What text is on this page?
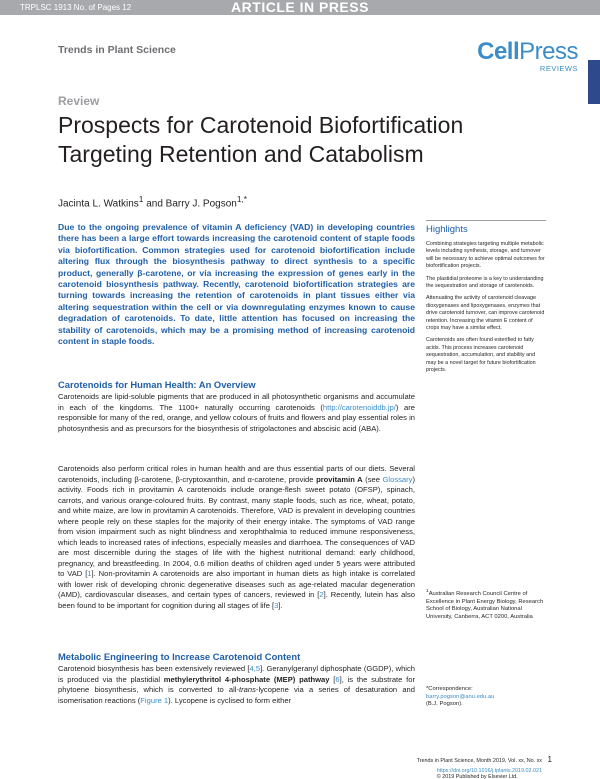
TRPLSC 1913 No. of Pages 12	ARTICLE IN PRESS
Trends in Plant Science	CellPress
REVIEWS
Review
Prospects for Carotenoid Biofortification
Targeting Retention and Catabolism
Jacinta L. Watkins$^1$ and Barry J. Pogson$^{1,*}$

Due to the ongoing prevalence of vitamin A deficiency (VAD) in developing countries there has been a large effort towards increasing the carotenoid content of staple foods via biofortification. Common strategies used for carotenoid biofortification include altering flux through the biosynthesis pathway to direct synthesis to a specific product, generally β-carotene, or via increasing the expression of genes early in the carotenoid biosynthesis pathway. Recently, carotenoid biofortification strategies are turning towards increasing the retention of carotenoids in plant tissues either via altering sequestration within the cell or via downregulating enzymes known to cause degradation of carotenoids. To date, little attention has focused on increasing the stability of carotenoids, which may be a promising method of increasing carotenoid content in staple foods.

Highlights

Combining strategies targeting multiple metabolic levels including synthesis, storage, and turnover will be necessary to achieve optimal outcomes for biofortification projects.

The plastidial proteome is a key to understanding the sequestration and storage of carotenoids.

Attenuating the activity of carotenoid cleavage dioxygenases and lipoxygenases, enzymes that drive carotenoid turnover, can improve carotenoid retention. Increasing the vitamin E content of crops may have a similar effect.

Carotenoids are often found esterified to fatty acids. This process increases carotenoid sequestration, accumulation, and stability and may be a novel target for future biofortification projects.

Carotenoids for Human Health: An Overview

Carotenoids are lipid-soluble pigments that are produced in all photosynthetic organisms and accumulate in each of the kingdoms. The 1100+ naturally occurring carotenoids (http://carotenoiddb.jp/) are responsible for many of the red, orange, and yellow colours of fruits and flowers and play essential roles in photosynthesis and as precursors for the biosynthesis of strigolactones and abscisic acid (ABA).

Carotenoids also perform critical roles in human health and are thus essential parts of our diets. Several carotenoids, including β-carotene, β-cryptoxanthin, and α-carotene, provide provitamin A (see Glossary) activity. Foods rich in provitamin A carotenoids include orange-flesh sweet potato (OFSP), spinach, carrots, and various orange-coloured fruits. By contrast, many staple foods, such as rice, wheat, potato, and white maize, are low in provitamin A carotenoids. Therefore, VAD is prevalent in developing countries where people rely on these staples for the majority of their energy intake. The symptoms of VAD range from vision impairment such as night blindness and xerophthalmia to reduced immune responsiveness, which leads to increased rates of infections, especially measles and diarrhoea. The consequences of VAD are most discernible during the stages of life with the highest nutritional demand: early childhood, pregnancy, and breastfeeding. In 2004, 0.6 million deaths of children aged under 5 years were attributed to VAD [1]. Non-provitamin A carotenoids are also important in human diets as high intake is correlated with lower risk of developing chronic degenerative diseases such as age-related macular degeneration (AMD), cardiovascular diseases, and certain types of cancers, reviewed in [2]. Recently, lutein has also been found to be important for cognition during all stages of life [3].

Metabolic Engineering to Increase Carotenoid Content

Carotenoid biosynthesis has been extensively reviewed [4,5]. Geranylgeranyl diphosphate (GGDP), which is produced via the plastidial methylerythritol 4-phosphate (MEP) pathway [6], is the substrate for phytoene biosynthesis, which is converted to all-trans-lycopene via a series of desaturation and isomerisation reactions (Figure 1). Lycopene is cyclised to form either

$^1$Australian Research Council Centre of Excellence in Plant Energy Biology, Research School of Biology, Australian National University, Canberra, ACT 0200, Australia
*Correspondence:
barry.pogson@anu.edu.au
(B.J. Pogson).
Trends in Plant Science, Month 2019, Vol. xx, No. xx 1
https://doi.org/10.1016/j.tplants.2019.02.021
© 2019 Published by Elsevier Ltd.
